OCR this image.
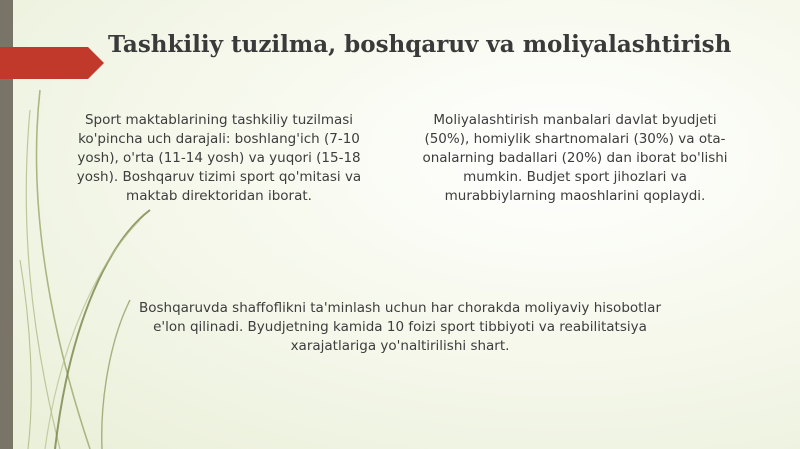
Tashkiliy tuzilma, boshqaruv va moliyalashtirish

Sport maktablarining tashkiliy tuzilmasi ko'pincha uch darajali: boshlang'ich (7-10 yosh), o'rta (11-14 yosh) va yuqori (15-18 yosh). Boshqaruv tizimi sport qo'mitasi va maktab direktoridan iborat.

Moliyalashtirish manbalari davlat byudjeti (50%), homiylik shartnomalari (30%) va ota-onalarning badallari (20%) dan iborat bo'lishi mumkin. Budjet sport jihozlari va murabbiylarning maoshlarini qoplaydi.

Boshqaruvda shaffoflikni ta'minlash uchun har chorakda moliyaviy hisobotlar e'lon qilinadi. Byudjetning kamida 10 foizi sport tibbiyoti va reabilitatsiya xarajatlariga yo'naltirilishi shart.
